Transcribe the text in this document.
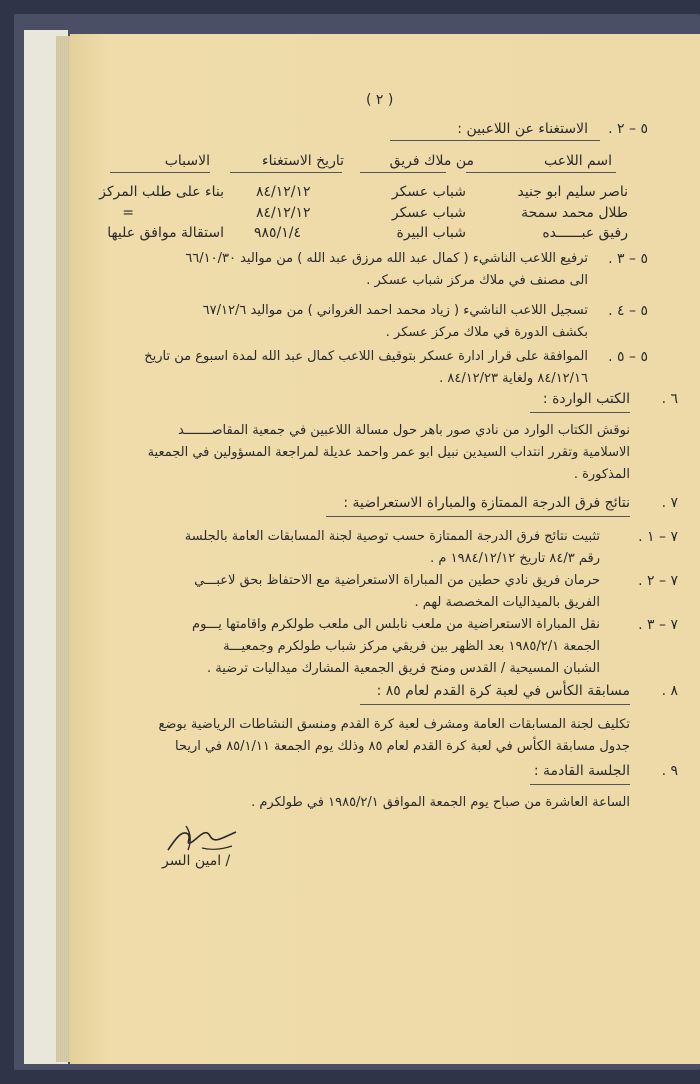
( ٢ )
٥ – ٢ .
الاستغناء عن اللاعبين :
اسم اللاعب
من ملاك فريق
تاريخ الاستغناء
الاسباب
ناصر سليم ابو جنيد
شباب عسكر
٨٤/١٢/١٢
بناء على طلب المركز
طلال محمد سمحة
شباب عسكر
٨٤/١٢/١٢
=
رفيق عبــــــده
شباب البيرة
٩٨٥/١/٤
استقالة موافق عليها
٥ – ٣ .
ترفيع اللاعب الناشيء ( كمال عبد الله مرزق عبد الله ) من مواليد ٦٦/١٠/٣٠
الى مصنف في ملاك مركز شباب عسكر .
٥ – ٤ .
تسجيل اللاعب الناشيء ( زياد محمد احمد الغرواني ) من مواليد ٦٧/١٢/٦
بكشف الدورة في ملاك مركز عسكر .
٥ – ٥ .
الموافقة على قرار ادارة عسكر بتوقيف اللاعب كمال عبد الله لمدة اسبوع من تاريخ
٨٤/١٢/١٦ ولغاية ٨٤/١٢/٢٣ .
٦ .
الكتب الواردة :
نوقش الكتاب الوارد من نادي صور باهر حول مسالة اللاعبين في جمعية المقاصـــــــد
الاسلامية وتقرر انتداب السيدين نبيل ابو عمر واحمد عديلة لمراجعة المسؤولين في الجمعية
المذكورة .
٧ .
نتائج فرق الدرجة الممتازة والمباراة الاستعراضية :
٧ – ١ .
تثبيت نتائج فرق الدرجة الممتازة حسب توصية لجنة المسابقات العامة بالجلسة
رقم ٨٤/٣ تاريخ ١٩٨٤/١٢/١٢ م .
٧ – ٢ .
حرمان فريق نادي حطين من المباراة الاستعراضية مع الاحتفاظ بحق لاعبـــي
الفريق بالميداليات المخصصة لهم .
٧ – ٣ .
نقل المباراة الاستعراضية من ملعب نابلس الى ملعب طولكرم واقامتها يـــوم
الجمعة ١٩٨٥/٢/١ بعد الظهر بين فريقي مركز شباب طولكرم وجمعيـــة
الشبان المسيحية / القدس ومنح فريق الجمعية المشارك ميداليات ترضية .
٨ .
مسابقة الكأس في لعبة كرة القدم لعام ٨٥ :
تكليف لجنة المسابقات العامة ومشرف لعبة كرة القدم ومنسق النشاطات الرياضية بوضع
جدول مسابقة الكأس في لعبة كرة القدم لعام ٨٥ وذلك يوم الجمعة ٨٥/١/١١ في اريحا
٩ .
الجلسة القادمة :
الساعة العاشرة من صباح يوم الجمعة الموافق ١٩٨٥/٢/١ في طولكرم .
/ امين السر
